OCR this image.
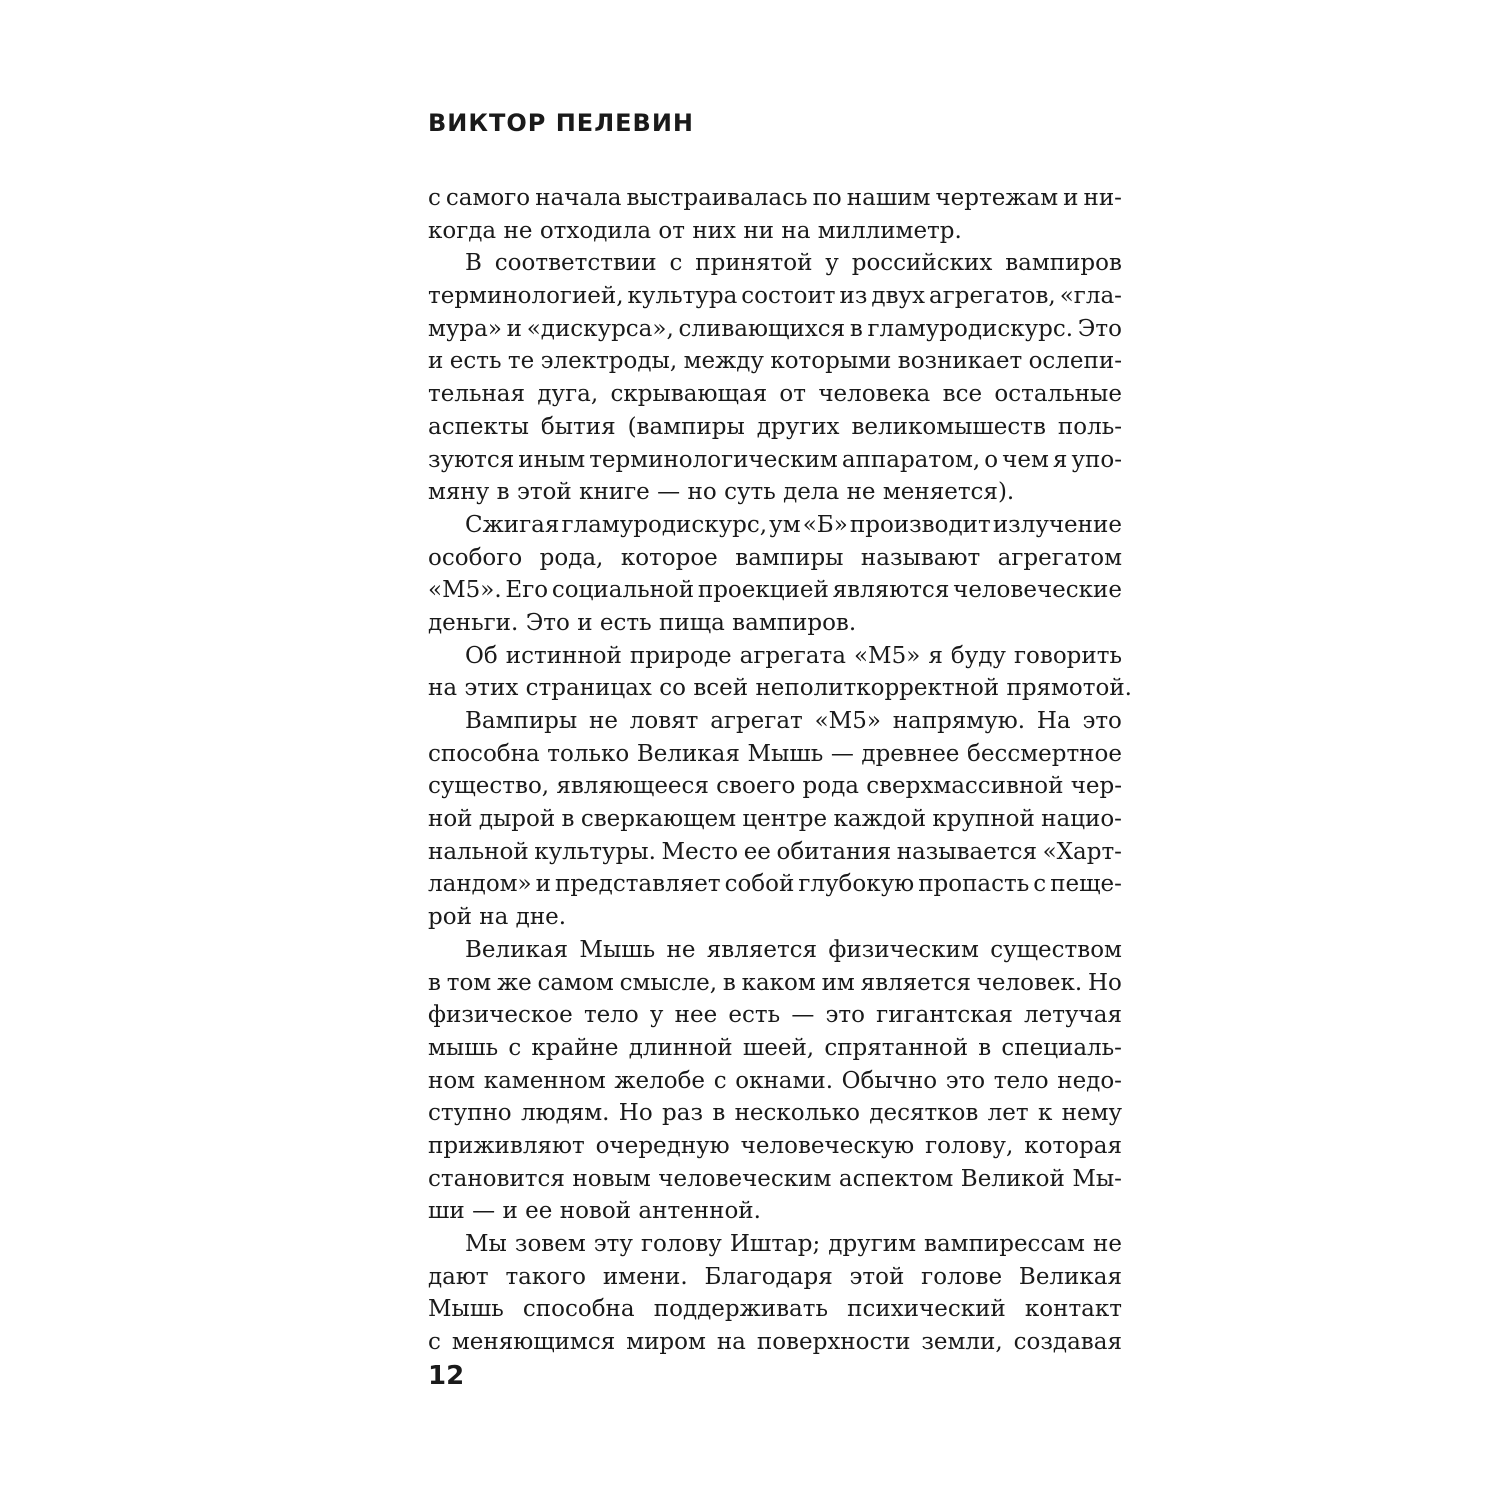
ВИКТОР ПЕЛЕВИН
с самого начала выстраивалась по нашим чертежам и ни-
когда не отходила от них ни на миллиметр.
В соответствии с принятой у российских вампиров
терминологией, культура состоит из двух агрегатов, «гла-
мура» и «дискурса», сливающихся в гламуродискурс. Это
и есть те электроды, между которыми возникает ослепи-
тельная дуга, скрывающая от человека все остальные
аспекты бытия (вампиры других великомышеств поль-
зуются иным терминологическим аппаратом, о чем я упо-
мяну в этой книге — но суть дела не меняется).
Сжигая гламуродискурс, ум «Б» производит излучение
особого рода, которое вампиры называют агрегатом
«М5». Его социальной проекцией являются человеческие
деньги. Это и есть пища вампиров.
Об истинной природе агрегата «М5» я буду говорить
на этих страницах со всей неполиткорректной прямотой.
Вампиры не ловят агрегат «М5» напрямую. На это
способна только Великая Мышь — древнее бессмертное
существо, являющееся своего рода сверхмассивной чер-
ной дырой в сверкающем центре каждой крупной нацио-
нальной культуры. Место ее обитания называется «Харт-
ландом» и представляет собой глубокую пропасть с пеще-
рой на дне.
Великая Мышь не является физическим существом
в том же самом смысле, в каком им является человек. Но
физическое тело у нее есть — это гигантская летучая
мышь с крайне длинной шеей, спрятанной в специаль-
ном каменном желобе с окнами. Обычно это тело недо-
ступно людям. Но раз в несколько десятков лет к нему
приживляют очередную человеческую голову, которая
становится новым человеческим аспектом Великой Мы-
ши — и ее новой антенной.
Мы зовем эту голову Иштар; другим вампирессам не
дают такого имени. Благодаря этой голове Великая
Мышь способна поддерживать психический контакт
с меняющимся миром на поверхности земли, создавая
12
